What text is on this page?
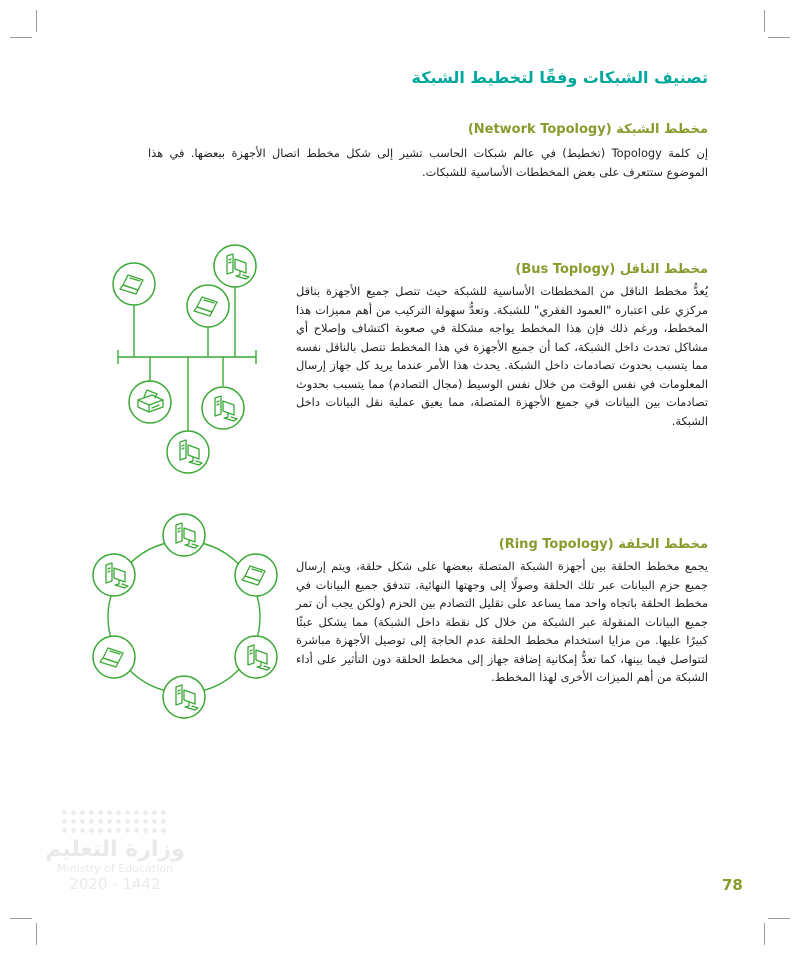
تصنيف الشبكات وفقًا لتخطيط الشبكة
مخطط الشبكة (Network Topology)

إن كلمة Topology (تخطيط) في عالم شبكات الحاسب تشير إلى شكل مخطط اتصال الأجهزة ببعضها. في هذا الموضوع ستتعرف على بعض المخططات الأساسية للشبكات.

مخطط الناقل (Bus Toplogy)

يُعدُّ مخطط الناقل من المخططات الأساسية للشبكة حيث تتصل جميع الأجهزة بناقل مركزي على اعتباره "العمود الفقري" للشبكة. وتعدُّ سهولة التركيب من أهم مميزات هذا المخطط، ورغم ذلك فإن هذا المخطط يواجه مشكلة في صعوبة اكتشاف وإصلاح أي مشاكل تحدث داخل الشبكة، كما أن جميع الأجهزة في هذا المخطط تتصل بالناقل نفسه مما يتسبب بحدوث تصادمات داخل الشبكة. يحدث هذا الأمر عندما يريد كل جهاز إرسال المعلومات في نفس الوقت من خلال نفس الوسيط (مجال التصادم) مما يتسبب بحدوث تصادمات بين البيانات في جميع الأجهزة المتصلة، مما يعيق عملية نقل البيانات داخل الشبكة.

مخطط الحلقة (Ring Topology)

يجمع مخطط الحلقة بين أجهزة الشبكة المتصلة ببعضها على شكل حلقة، ويتم إرسال جميع حزم البيانات عبر تلك الحلقة وصولًا إلى وجهتها النهائية. تتدفق جميع البيانات في مخطط الحلقة باتجاه واحد مما يساعد على تقليل التصادم بين الحزم (ولكن يجب أن تمر جميع البيانات المنقولة عبر الشبكة من خلال كل نقطة داخل الشبكة) مما يشكل عبئًا كبيرًا عليها. من مزايا استخدام مخطط الحلقة عدم الحاجة إلى توصيل الأجهزة مباشرة لتتواصل فيما بينها، كما تعدُّ إمكانية إضافة جهاز إلى مخطط الحلقة دون التأثير على أداء الشبكة من أهم الميزات الأخرى لهذا المخطط.

وزارة التعليم
Ministry of Education
2020 - 1442	78
